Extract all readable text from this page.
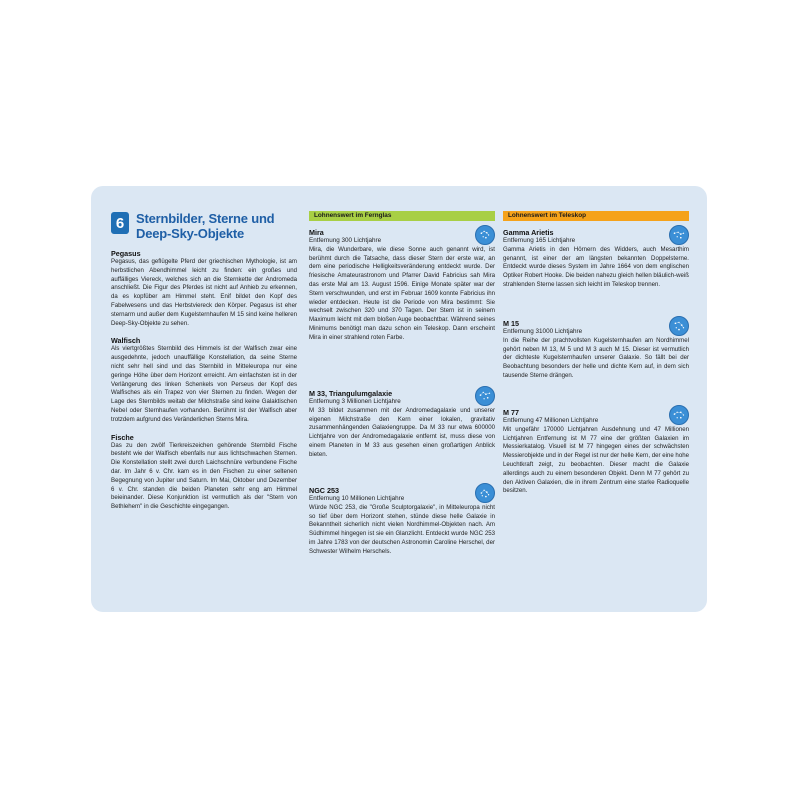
6 Sternbilder, Sterne und Deep-Sky-Objekte

Pegasus

Pegasus, das geflügelte Pferd der griechischen Mythologie, ist am herbstlichen Abendhimmel leicht zu finden: ein großes und auffälliges Viereck, welches sich an die Sternkette der Andromeda anschließt. Die Figur des Pferdes ist nicht auf Anhieb zu erkennen, da es kopfüber am Himmel steht. Enif bildet den Kopf des Fabelwesens und das Herbstviereck den Körper. Pegasus ist eher sternarm und außer dem Kugelsternhaufen M 15 sind keine helleren Deep-Sky-Objekte zu sehen.

Walfisch

Als viertgrößtes Sternbild des Himmels ist der Walfisch zwar eine ausgedehnte, jedoch unauffällige Konstellation, da seine Sterne nicht sehr hell sind und das Sternbild in Mitteleuropa nur eine geringe Höhe über dem Horizont erreicht. Am einfachsten ist in der Verlängerung des linken Schenkels von Perseus der Kopf des Walfisches als ein Trapez von vier Sternen zu finden. Wegen der Lage des Sternbilds weitab der Milchstraße sind keine Galaktischen Nebel oder Sternhaufen vorhanden. Berühmt ist der Walfisch aber trotzdem aufgrund des Veränderlichen Sterns Mira.

Fische

Das zu den zwölf Tierkreiszeichen gehörende Sternbild Fische besteht wie der Walfisch ebenfalls nur aus lichtschwachen Sternen. Die Konstellation stellt zwei durch Laichschnüre verbundene Fische dar. Im Jahr 6 v. Chr. kam es in den Fischen zu einer seltenen Begegnung von Jupiter und Saturn. Im Mai, Oktober und Dezember 6 v. Chr. standen die beiden Planeten sehr eng am Himmel beieinander. Diese Konjunktion ist vermutlich als der "Stern von Bethlehem" in die Geschichte eingegangen.

Lohnenswert im Fernglas

Mira

Entfernung 300 Lichtjahre

Mira, die Wunderbare, wie diese Sonne auch genannt wird, ist berühmt durch die Tatsache, dass dieser Stern der erste war, an dem eine periodische Helligkeitsveränderung entdeckt wurde. Der friesische Amateurastronom und Pfarrer David Fabricius sah Mira das erste Mal am 13. August 1596. Einige Monate später war der Stern verschwunden, und erst im Februar 1609 konnte Fabricius ihn wieder entdecken. Heute ist die Periode von Mira bestimmt: Sie wechselt zwischen 320 und 370 Tagen. Der Stern ist in seinem Maximum leicht mit dem bloßen Auge beobachtbar. Während seines Minimums benötigt man dazu schon ein Teleskop. Dann erscheint Mira in einer strahlend roten Farbe.

M 33, Triangulumgalaxie

Entfernung 3 Millionen Lichtjahre

M 33 bildet zusammen mit der Andromedagalaxie und unserer eigenen Milchstraße den Kern einer lokalen, gravitativ zusammenhängenden Galaxiengruppe. Da M 33 nur etwa 600000 Lichtjahre von der Andromedagalaxie entfernt ist, muss diese von einem Planeten in M 33 aus gesehen einen großartigen Anblick bieten.

NGC 253

Entfernung 10 Millionen Lichtjahre

Würde NGC 253, die "Große Sculptorgalaxie", in Mitteleuropa nicht so tief über dem Horizont stehen, stünde diese helle Galaxie in Bekanntheit sicherlich nicht vielen Nordhimmel-Objekten nach. Am Südhimmel hingegen ist sie ein Glanzlicht. Entdeckt wurde NGC 253 im Jahre 1783 von der deutschen Astronomin Caroline Herschel, der Schwester Wilhelm Herschels.

Lohnenswert im Teleskop

Gamma Arietis

Entfernung 165 Lichtjahre

Gamma Arietis in den Hörnern des Widders, auch Mesarthim genannt, ist einer der am längsten bekannten Doppelsterne. Entdeckt wurde dieses System im Jahre 1664 von dem englischen Optiker Robert Hooke. Die beiden nahezu gleich hellen bläulich-weiß strahlenden Sterne lassen sich leicht im Teleskop trennen.

M 15

Entfernung 31000 Lichtjahre

In die Reihe der prachtvollsten Kugelsternhaufen am Nordhimmel gehört neben M 13, M 5 und M 3 auch M 15. Dieser ist vermutlich der dichteste Kugelsternhaufen unserer Galaxie. So fällt bei der Beobachtung besonders der helle und dichte Kern auf, in dem sich tausende Sterne drängen.

M 77

Entfernung 47 Millionen Lichtjahre

Mit ungefähr 170000 Lichtjahren Ausdehnung und 47 Millionen Lichtjahren Entfernung ist M 77 eine der größten Galaxien im Messierkatalog. Visuell ist M 77 hingegen eines der schwächsten Messierobjekte und in der Regel ist nur der helle Kern, der eine hohe Leuchtkraft zeigt, zu beobachten. Dieser macht die Galaxie allerdings auch zu einem besonderen Objekt. Denn M 77 gehört zu den Aktiven Galaxien, die in ihrem Zentrum eine starke Radioquelle besitzen.
